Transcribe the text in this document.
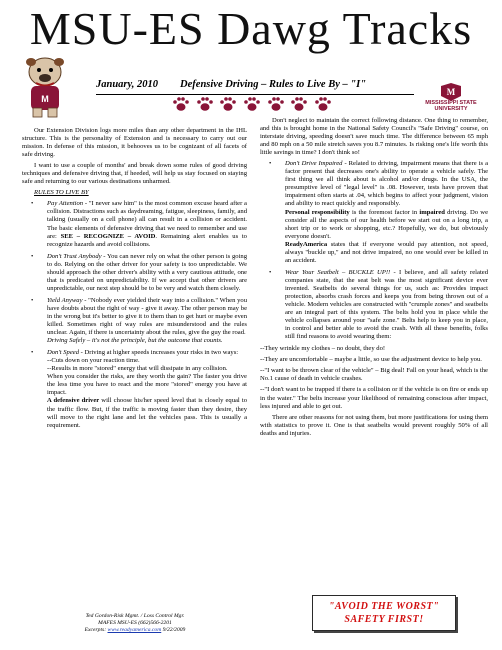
MSU-ES Dawg Tracks
M
January, 2010 Defensive Driving – Rules to Live By – "I"
M
MISSISSIPPI STATE UNIVERSITY

Our Extension Division logs more miles than any other department in the IHL structure. This is the personality of Extension and is necessary to carry out our mission. In defense of this mission, it behooves us to be cognizant of all facets of safe driving.

I want to use a couple of months' and break down some rules of good driving techniques and defensive driving that, if heeded, will help us stay focused on staying safe and returning to our various destinations unharmed.

RULES TO LIVE BY

• Pay Attention - "I never saw him" is the most common excuse heard after a collision. Distractions such as daydreaming, fatigue, sleepiness, family, and talking (usually on a cell phone) all can result in a collision or accident. The basic elements of defensive driving that we need to remember and use are: SEE – RECOGNIZE – AVOID. Remaining alert enables us to recognize hazards and avoid collisions.

• Don't Trust Anybody - You can never rely on what the other person is going to do. Relying on the other driver for your safety is too unpredictable. We should approach the other driver's ability with a very cautious attitude, one that is predicated on unpredictability. If we accept that other drivers are unpredictable, our next step should be to be very and watch them closely.

• Yield Anyway - "Nobody ever yielded their way into a collision." When you have doubts about the right of way - give it away. The other person may be in the wrong but it's better to give it to them than to get hurt or maybe even killed. Sometimes right of way rules are misunderstood and the rules unclear. Again, if there is uncertainty about the rules, give the guy the road.

Driving Safely – it's not the principle, but the outcome that counts.

• Don't Speed - Driving at higher speeds increases your risks in two ways:

--Cuts down on your reaction time.

--Results in more "stored" energy that will dissipate in any collision.

When you consider the risks, are they worth the gain? The faster you drive the less time you have to react and the more "stored" energy you have at impact.

A defensive driver will choose his/her speed level that is closely equal to the traffic flow. But, if the traffic is moving faster than they desire, they will move to the right lane and let the vehicles pass. This is usually a requirement.

Don't neglect to maintain the correct following distance. One thing to remember, and this is brought home in the National Safety Council's "Safe Driving" course, on interstate driving, speeding doesn't save much time. The difference between 65 mph and 80 mph on a 50 mile stretch saves you 8.7 minutes. Is risking one's life worth this little savings in time? I don't think so!

• Don't Drive Impaired - Related to driving, impairment means that there is a factor present that decreases one's ability to operate a vehicle safely. The first thing we all think about is alcohol and/or drugs. In the USA, the presumptive level of "legal level" is .08. However, tests have proven that impairment often starts at .04, which begins to affect your judgment, vision and ability to react quickly and responsibly.

Personal responsibility is the foremost factor in impaired driving. Do we consider all the aspects of our health before we start out on a long trip, a short trip or to work or shopping, etc.? Hopefully, we do, but obviously everyone doesn't.

ReadyAmerica states that if everyone would pay attention, not speed, always "buckle up," and not drive impaired, no one would ever be killed in an accident.

• Wear Your Seatbelt – BUCKLE UP!! - I believe, and all safety related companies state, that the seat belt was the most significant device ever invented. Seatbelts do several things for us, such as: Provides impact protection, absorbs crash forces and keeps you from being thrown out of a vehicle. Modern vehicles are constructed with "crumple zones" and seatbelts are an integral part of this system. The belts hold you in place while the vehicle collapses around your "safe zone." Belts help to keep you in place, in control and better able to avoid the crash. With all these benefits, folks still find reasons to avoid wearing them:

--They wrinkle my clothes – no doubt, they do!

--They are uncomfortable – maybe a little, so use the adjustment device to help you.

--"I want to be thrown clear of the vehicle" – Big deal! Fall on your head, which is the No.1 cause of death in vehicle crashes.

--"I don't want to be trapped if there is a collision or if the vehicle is on fire or ends up in the water." The belts increase your likelihood of remaining conscious after impact, less injured and able to get out.

There are other reasons for not using them, but more justifications for using them with statistics to prove it. One is that seatbelts would prevent roughly 50% of all deaths and injuries.

Ted Gordon-Risk Mgmt. / Loss Control Mgr.
MAFES MSU-ES (662)566-2201
Excerpts: www.readyamerica.com 9/22/2009
"AVOID THE WORST"
SAFETY FIRST!
